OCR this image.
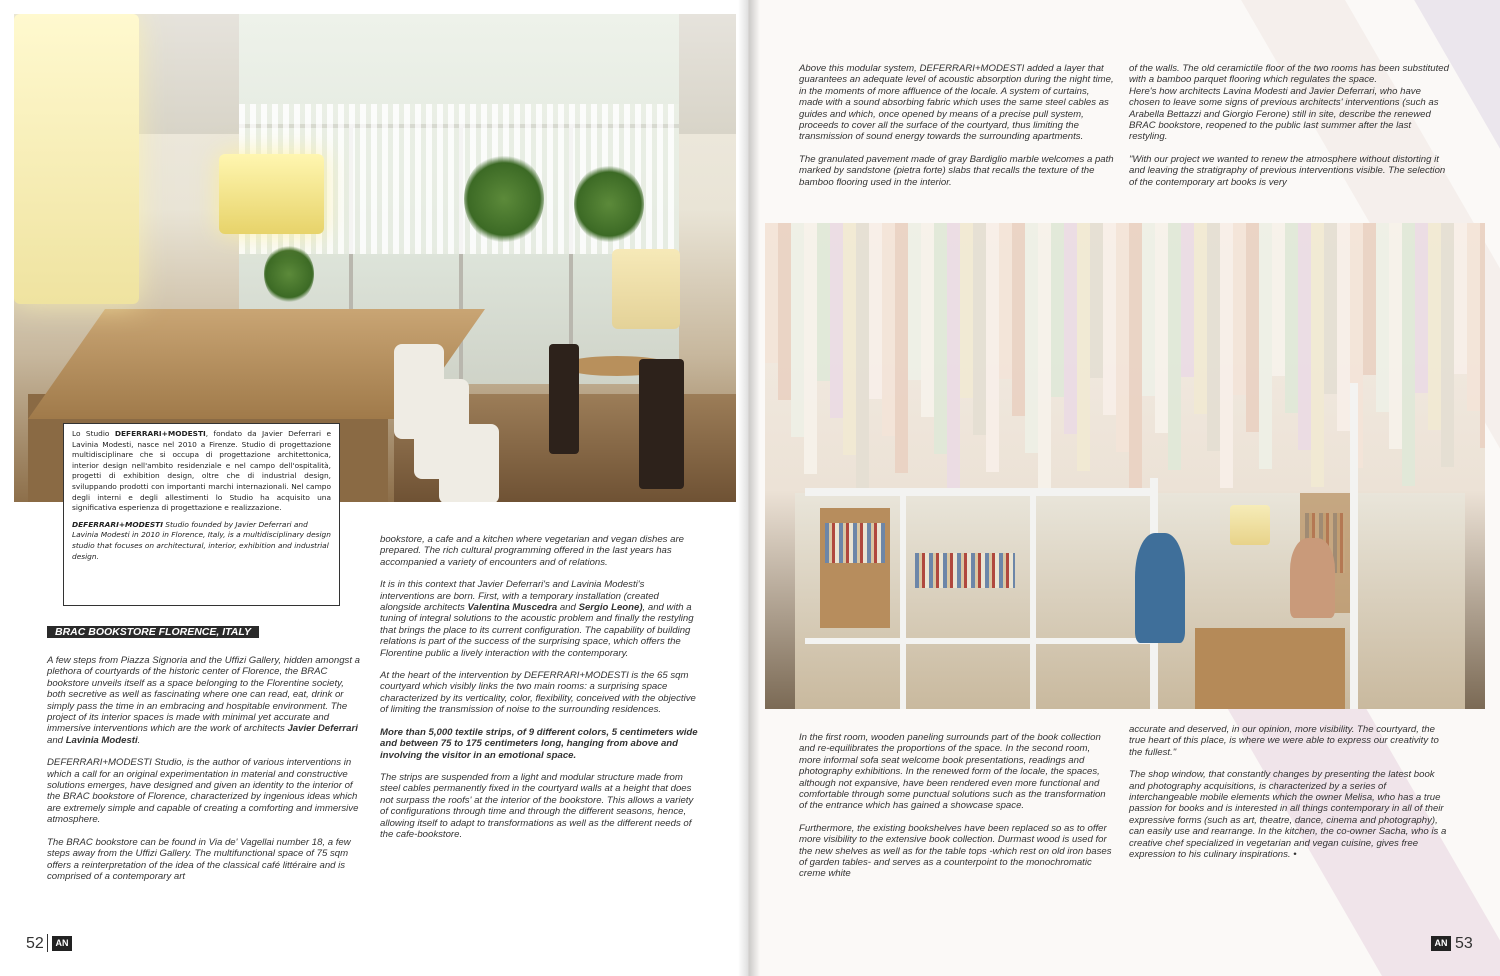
Lo Studio DEFERRARI+MODESTI, fondato da Javier Deferrari e Lavinia Modesti, nasce nel 2010 a Firenze. Studio di progettazione multidisciplinare che si occupa di progettazione architettonica, interior design nell'ambito residenziale e nel campo dell'ospitalità, progetti di exhibition design, oltre che di industrial design, sviluppando prodotti con importanti marchi internazionali. Nel campo degli interni e degli allestimenti lo Studio ha acquisito una significativa esperienza di progettazione e realizzazione.

DEFERRARI+MODESTI Studio founded by Javier Deferrari and Lavinia Modesti in 2010 in Florence, Italy, is a multidisciplinary design studio that focuses on architectural, interior, exhibition and industrial design.

BRAC BOOKSTORE FLORENCE, ITALY

A few steps from Piazza Signoria and the Uffizi Gallery, hidden amongst a plethora of courtyards of the historic center of Florence, the BRAC bookstore unveils itself as a space belonging to the Florentine society, both secretive as well as fascinating where one can read, eat, drink or simply pass the time in an embracing and hospitable environment. The project of its interior spaces is made with minimal yet accurate and immersive interventions which are the work of architects Javier Deferrari and Lavinia Modesti.

DEFERRARI+MODESTI Studio, is the author of various interventions in which a call for an original experimentation in material and constructive solutions emerges, have designed and given an identity to the interior of the BRAC bookstore of Florence, characterized by ingenious ideas which are extremely simple and capable of creating a comforting and immersive atmosphere.

The BRAC bookstore can be found in Via de' Vagellai number 18, a few steps away from the Uffizi Gallery. The multifunctional space of 75 sqm offers a reinterpretation of the idea of the classical café littéraire and is comprised of a contemporary art

bookstore, a cafe and a kitchen where vegetarian and vegan dishes are prepared. The rich cultural programming offered in the last years has accompanied a variety of encounters and of relations.

It is in this context that Javier Deferrari's and Lavinia Modesti's interventions are born. First, with a temporary installation (created alongside architects Valentina Muscedra and Sergio Leone), and with a tuning of integral solutions to the acoustic problem and finally the restyling that brings the place to its current configuration. The capability of building relations is part of the success of the surprising space, which offers the Florentine public a lively interaction with the contemporary.

At the heart of the intervention by DEFERRARI+MODESTI is the 65 sqm courtyard which visibly links the two main rooms: a surprising space characterized by its verticality, color, flexibility, conceived with the objective of limiting the transmission of noise to the surrounding residences.

More than 5,000 textile strips, of 9 different colors, 5 centimeters wide and between 75 to 175 centimeters long, hanging from above and involving the visitor in an emotional space.

The strips are suspended from a light and modular structure made from steel cables permanently fixed in the courtyard walls at a height that does not surpass the roofs' at the interior of the bookstore. This allows a variety of configurations through time and through the different seasons, hence, allowing itself to adapt to transformations as well as the different needs of the cafe-bookstore.

52	AN

Above this modular system, DEFERRARI+MODESTI added a layer that guarantees an adequate level of acoustic absorption during the night time, in the moments of more affluence of the locale. A system of curtains, made with a sound absorbing fabric which uses the same steel cables as guides and which, once opened by means of a precise pull system, proceeds to cover all the surface of the courtyard, thus limiting the transmission of sound energy towards the surrounding apartments.

The granulated pavement made of gray Bardiglio marble welcomes a path marked by sandstone (pietra forte) slabs that recalls the texture of the bamboo flooring used in the interior.

of the walls. The old ceramictile floor of the two rooms has been substituted with a bamboo parquet flooring which regulates the space.

Here's how architects Lavina Modesti and Javier Deferrari, who have chosen to leave some signs of previous architects' interventions (such as Arabella Bettazzi and Giorgio Ferone) still in site, describe the renewed BRAC bookstore, reopened to the public last summer after the last restyling.

"With our project we wanted to renew the atmosphere without distorting it and leaving the stratigraphy of previous interventions visible. The selection of the contemporary art books is very

In the first room, wooden paneling surrounds part of the book collection and re-equilibrates the proportions of the space. In the second room, more informal sofa seat welcome book presentations, readings and photography exhibitions. In the renewed form of the locale, the spaces, although not expansive, have been rendered even more functional and comfortable through some punctual solutions such as the transformation of the entrance which has gained a showcase space.

Furthermore, the existing bookshelves have been replaced so as to offer more visibility to the extensive book collection. Durmast wood is used for the new shelves as well as for the table tops -which rest on old iron bases of garden tables- and serves as a counterpoint to the monochromatic creme white

accurate and deserved, in our opinion, more visibility. The courtyard, the true heart of this place, is where we were able to express our creativity to the fullest."

The shop window, that constantly changes by presenting the latest book and photography acquisitions, is characterized by a series of interchangeable mobile elements which the owner Melisa, who has a true passion for books and is interested in all things contemporary in all of their expressive forms (such as art, theatre, dance, cinema and photography), can easily use and rearrange. In the kitchen, the co-owner Sacha, who is a creative chef specialized in vegetarian and vegan cuisine, gives free expression to his culinary inspirations. •

AN 53
